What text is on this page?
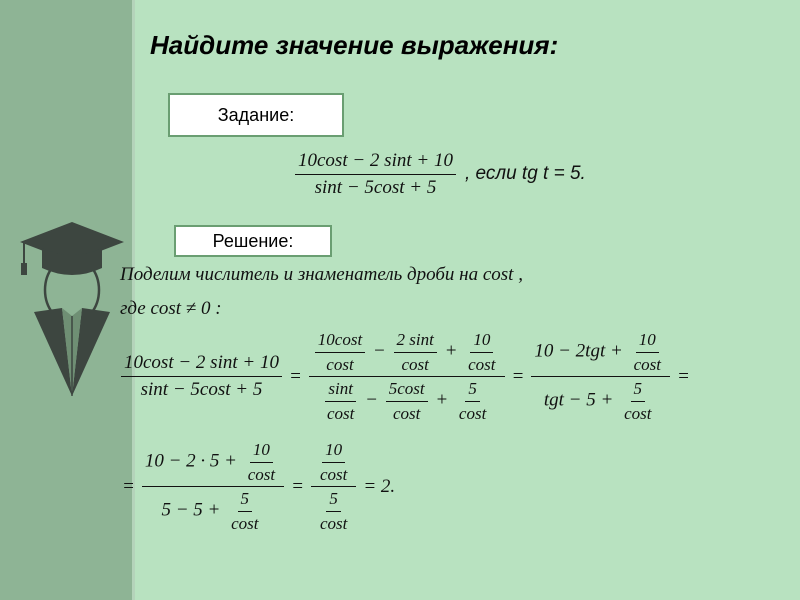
Найдите значение выражения:
Задание:
$\frac{10\cos t - 2 \sin t + 10}{\sin t - 5\cos t + 5}$ , если tg t = 5.
Решение:
Поделим числитель и знаменатель дроби на cost ,
где cost ≠ 0 :
$\frac{10\cos t - 2 \sin t + 10}{\sin t - 5\cos t + 5} = \frac{\frac{10\cos t}{\cos t} - \frac{2 \sin t}{\cos t} + \frac{10}{\cos t}}{\frac{\sin t}{\cos t} - \frac{5\cos t}{\cos t} + \frac{5}{\cos t}} = \frac{10 - 2tgt + \frac{10}{\cos t}}{tgt - 5 + \frac{5}{\cos t}}$ =
= $\frac{10 - 2 \cdot 5 + \frac{10}{\cos t}}{5 - 5 + \frac{5}{\cos t}} = \frac{\frac{10}{\cos t}}{\frac{5}{\cos t}} = 2$.
